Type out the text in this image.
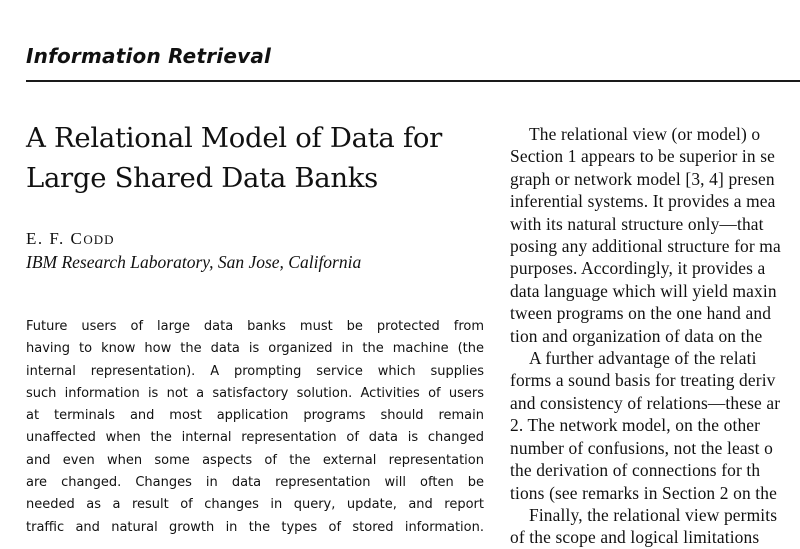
Information Retrieval
A Relational Model of Data for
Large Shared Data Banks
E. F. CODD
IBM Research Laboratory, San Jose, California
Future users of large data banks must be protected from
having to know how the data is organized in the machine (the
internal representation). A prompting service which supplies
such information is not a satisfactory solution. Activities of users
at terminals and most application programs should remain
unaffected when the internal representation of data is changed
and even when some aspects of the external representation
are changed. Changes in data representation will often be
needed as a result of changes in query, update, and report
traffic and natural growth in the types of stored information.
The relational view (or model) o
Section 1 appears to be superior in se
graph or network model [3, 4] presen
inferential systems. It provides a mea
with its natural structure only—that
posing any additional structure for ma
purposes. Accordingly, it provides a
data language which will yield maxin
tween programs on the one hand and
tion and organization of data on the
A further advantage of the relati
forms a sound basis for treating deriv
and consistency of relations—these ar
2. The network model, on the other
number of confusions, not the least o
the derivation of connections for th
tions (see remarks in Section 2 on the
Finally, the relational view permits
of the scope and logical limitations
